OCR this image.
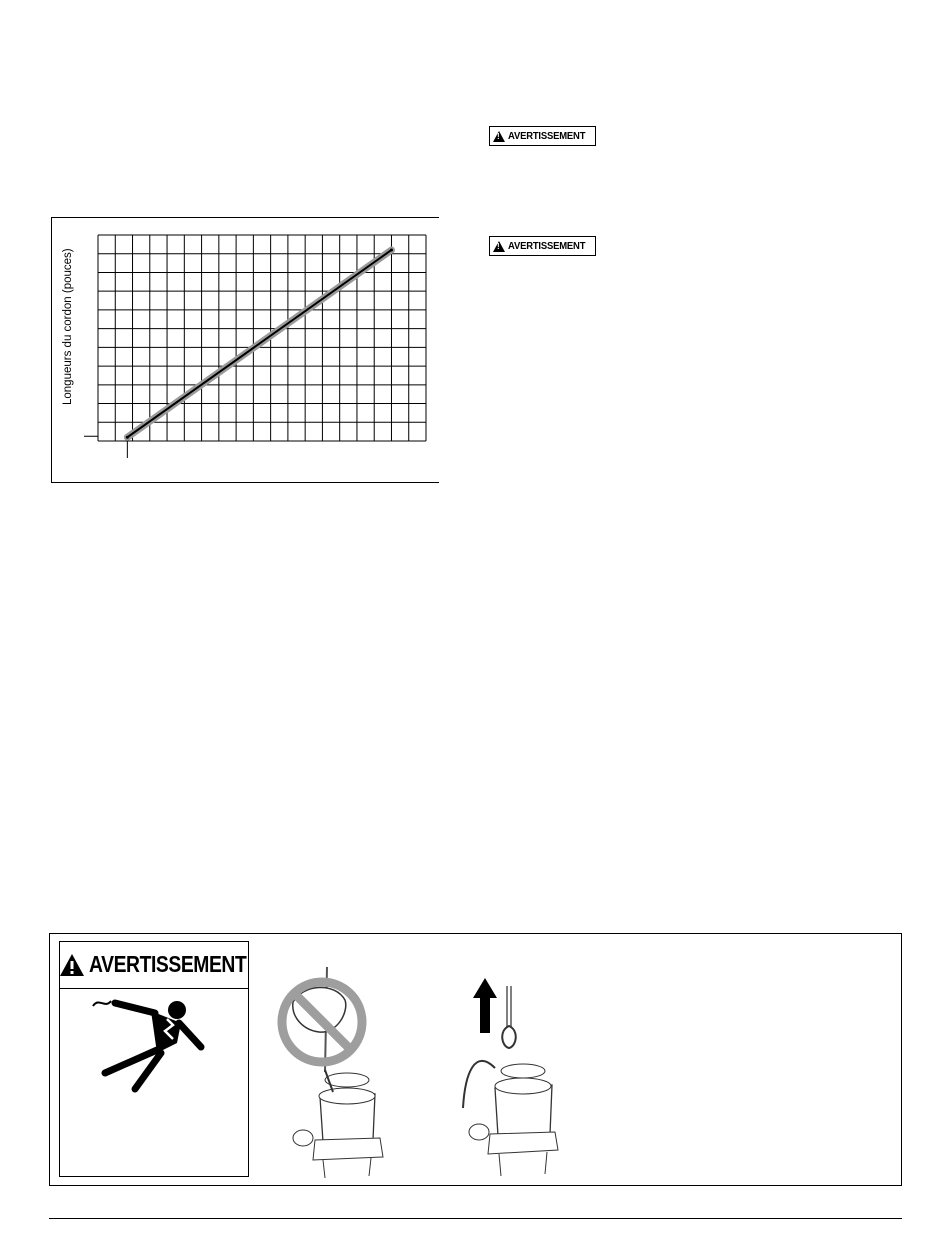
!
AVERTISSEMENT
!
AVERTISSEMENT
Longueurs du cordon (pouces)
AVERTISSEMENT
